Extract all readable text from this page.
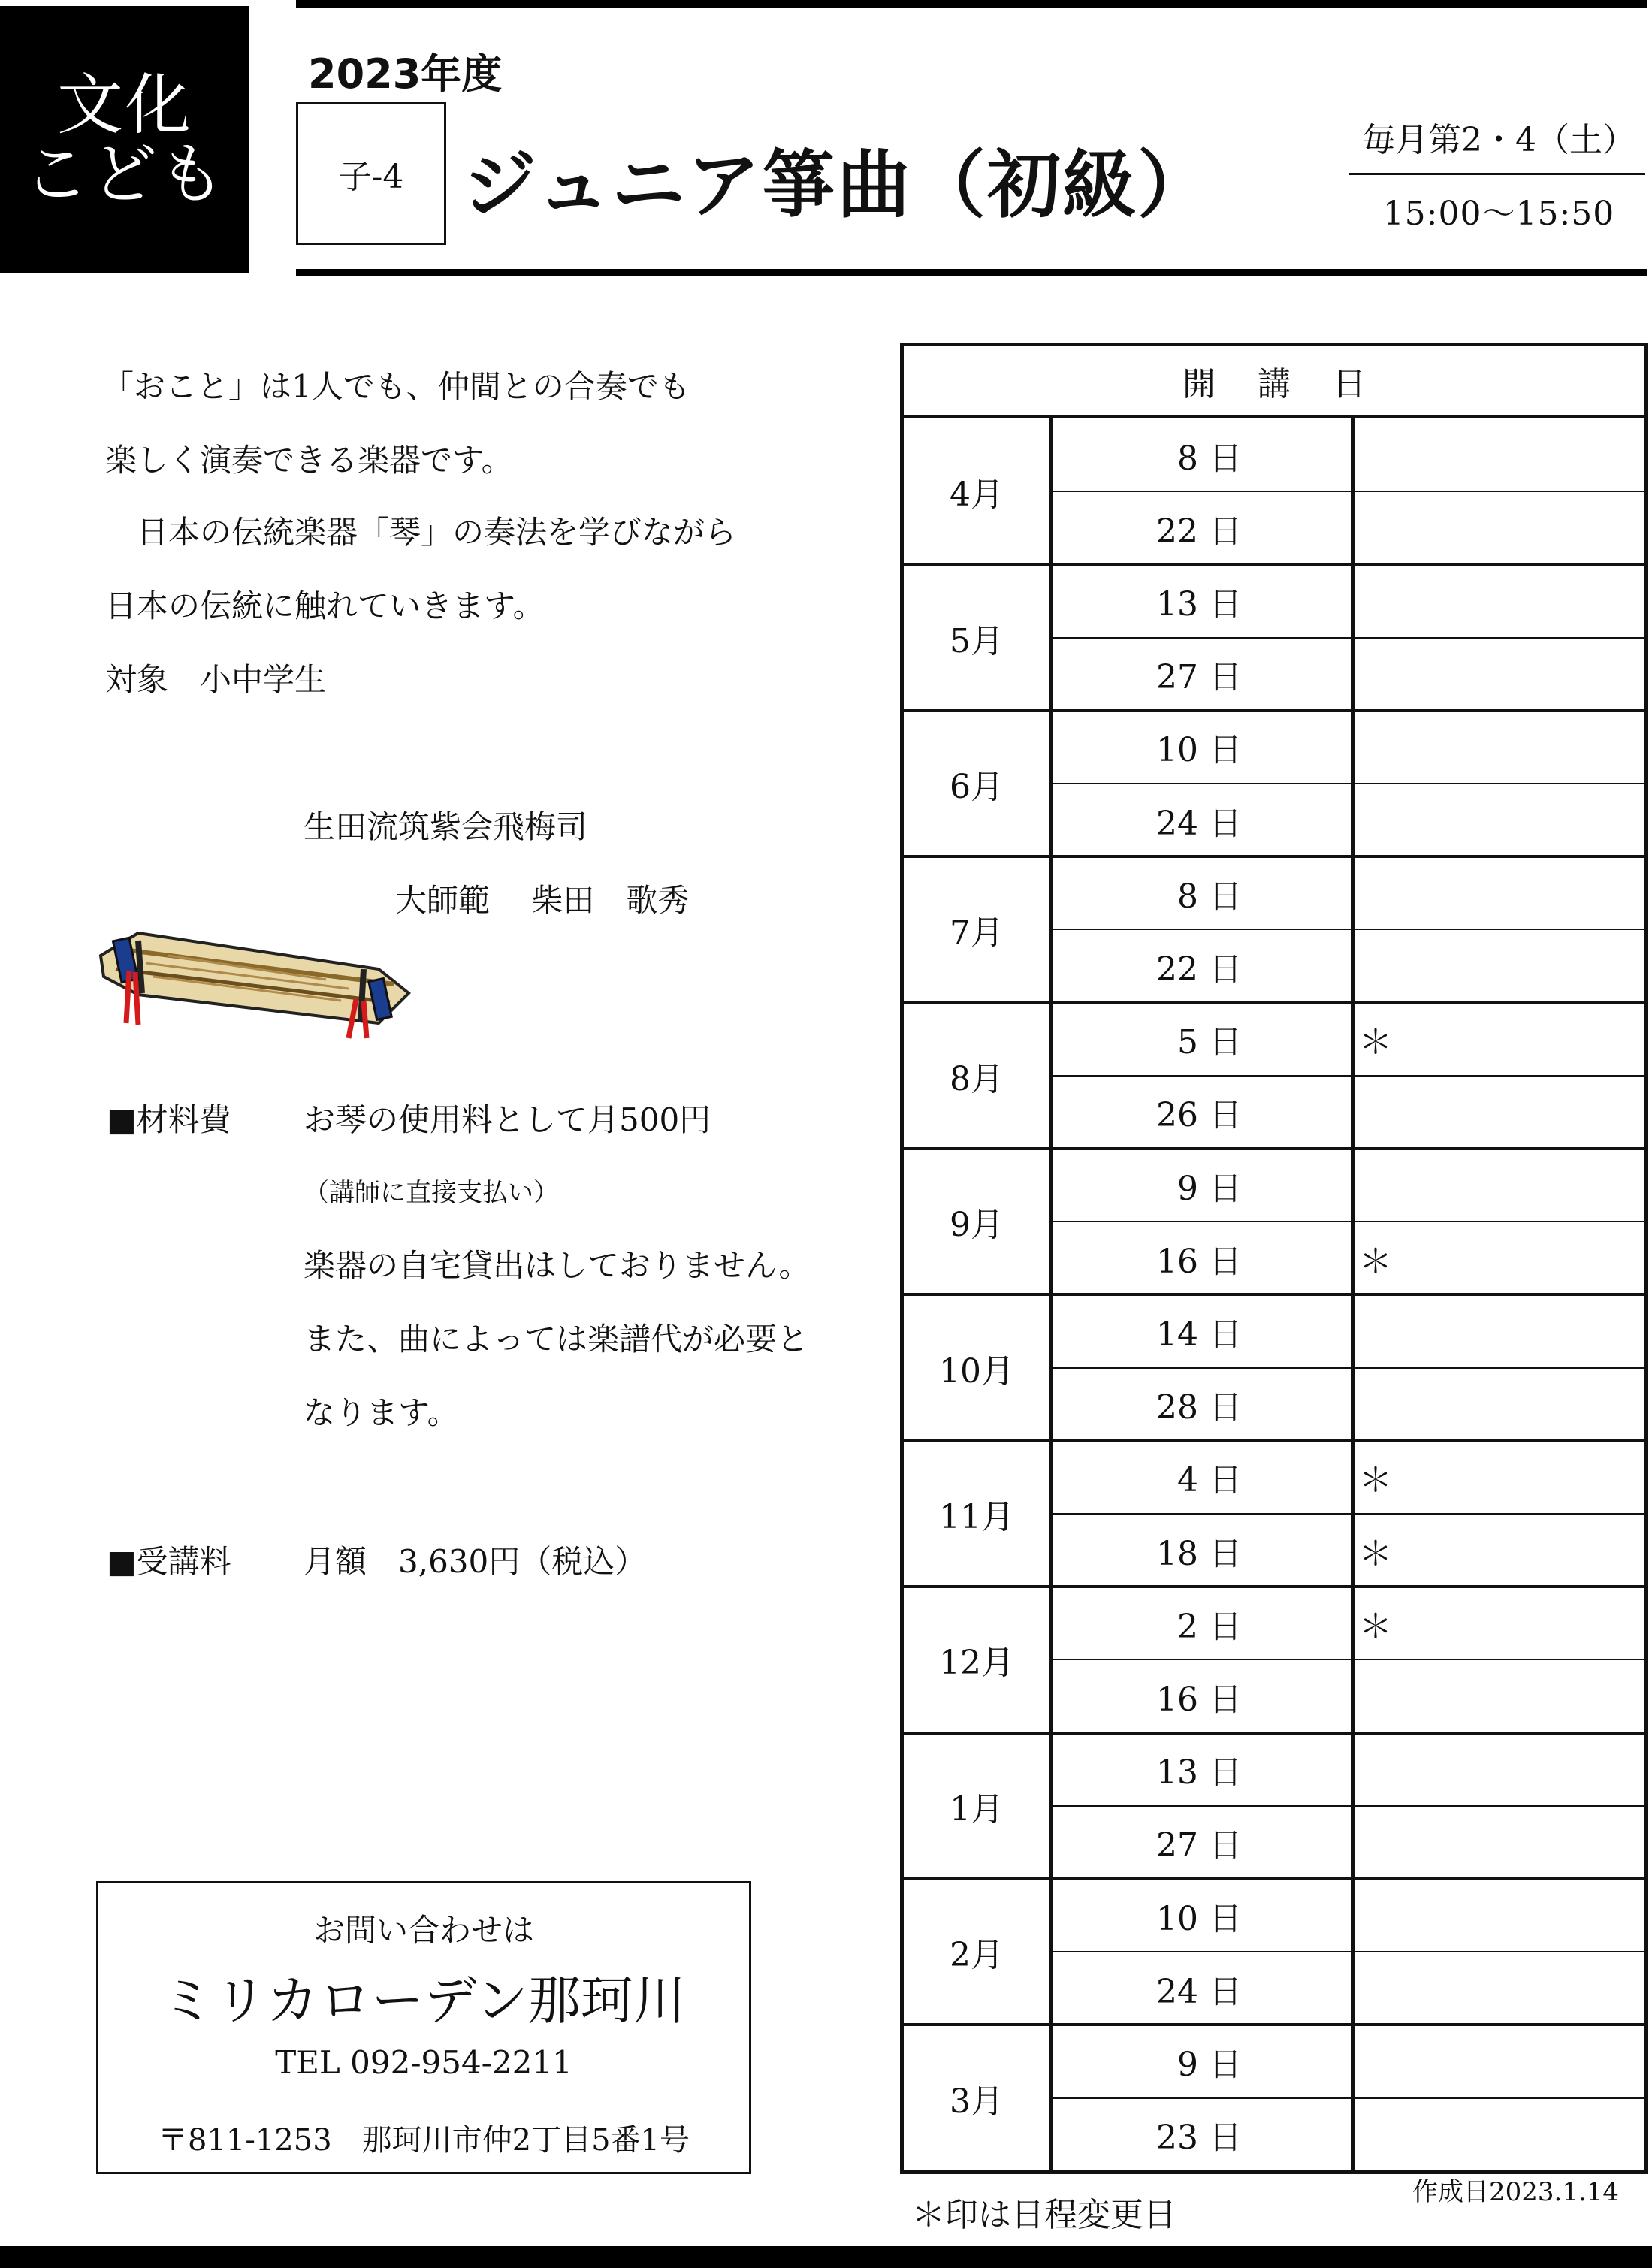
文化
こども
2023年度
子-4 ジュニア箏曲（初級）
毎月第2・4（土）
15:00～15:50
「おこと」は1人でも、仲間との合奏でも
楽しく演奏できる楽器です。
　日本の伝統楽器「琴」の奏法を学びながら
日本の伝統に触れていきます。
対象　小中学生
生田流筑紫会飛梅司
大師範　 柴田　歌秀
■材料費 お琴の使用料として月500円
（講師に直接支払い）
楽器の自宅貸出はしておりません。
また、曲によっては楽譜代が必要と
なります。
■受講料 月額　3,630円（税込）
お問い合わせは
ミリカローデン那珂川
TEL 092-954-2211
〒811-1253　那珂川市仲2丁目5番1号
開講日
4月
8 日
22 日
5月
13 日
27 日
6月
10 日
24 日
7月
8 日
22 日
8月
5 日	＊
26 日
9月
9 日
16 日	＊
10月
14 日
28 日
11月
4 日	＊
18 日	＊
12月
2 日	＊
16 日
1月
13 日
27 日
2月
10 日
24 日
3月
9 日
23 日
＊印は日程変更日
作成日2023.1.14
